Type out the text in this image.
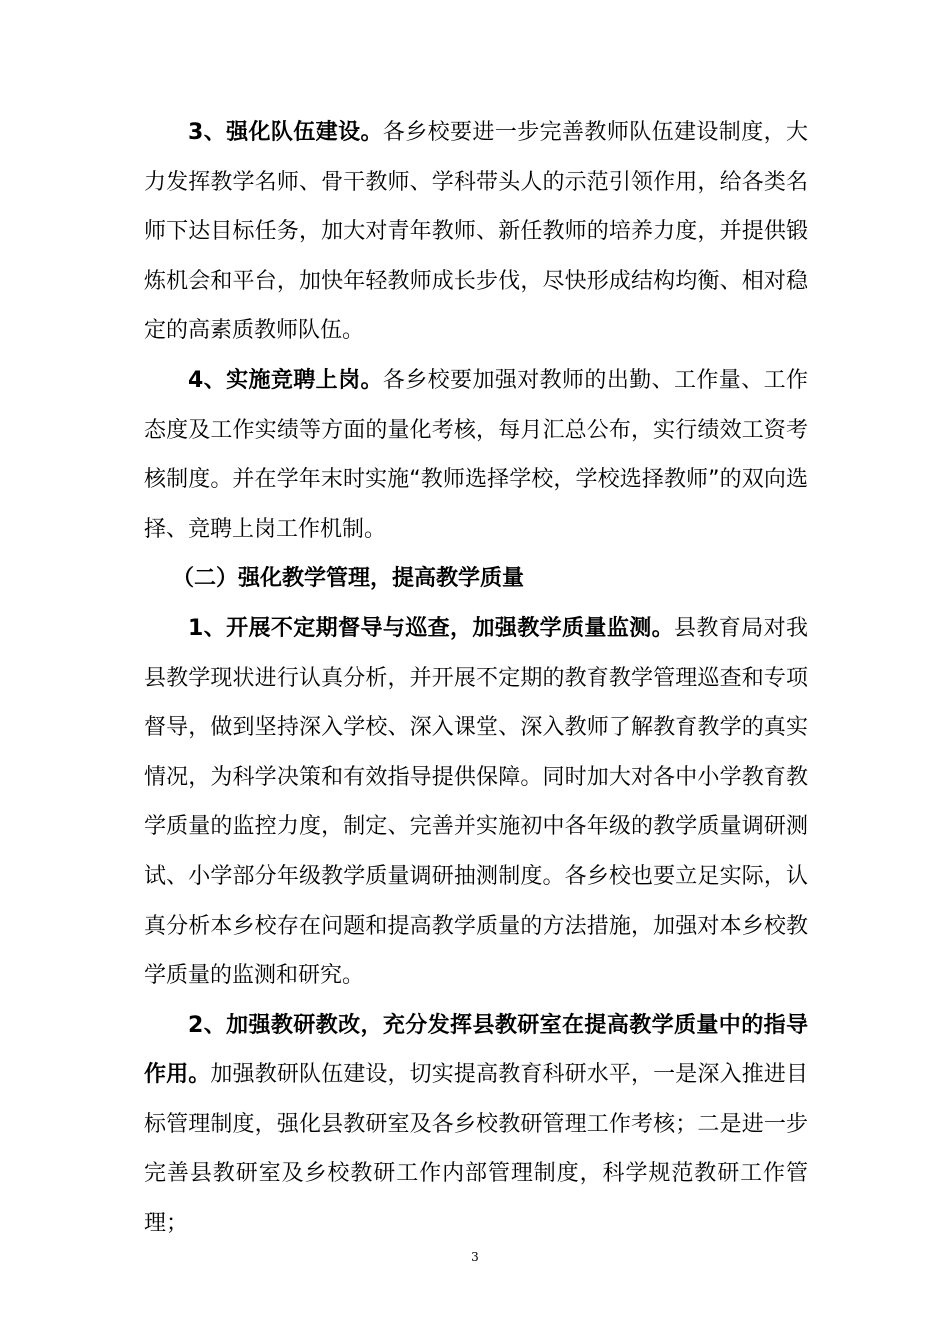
3、强化队伍建设。各乡校要进一步完善教师队伍建设制度，大力发挥教学名师、骨干教师、学科带头人的示范引领作用，给各类名师下达目标任务，加大对青年教师、新任教师的培养力度，并提供锻炼机会和平台，加快年轻教师成长步伐，尽快形成结构均衡、相对稳定的高素质教师队伍。

4、实施竞聘上岗。各乡校要加强对教师的出勤、工作量、工作态度及工作实绩等方面的量化考核，每月汇总公布，实行绩效工资考核制度。并在学年末时实施“教师选择学校，学校选择教师”的双向选择、竞聘上岗工作机制。

（二）强化教学管理，提高教学质量

1、开展不定期督导与巡查，加强教学质量监测。县教育局对我县教学现状进行认真分析，并开展不定期的教育教学管理巡查和专项督导，做到坚持深入学校、深入课堂、深入教师了解教育教学的真实情况，为科学决策和有效指导提供保障。同时加大对各中小学教育教学质量的监控力度，制定、完善并实施初中各年级的教学质量调研测试、小学部分年级教学质量调研抽测制度。各乡校也要立足实际，认真分析本乡校存在问题和提高教学质量的方法措施，加强对本乡校教学质量的监测和研究。

2、加强教研教改，充分发挥县教研室在提高教学质量中的指导作用。加强教研队伍建设，切实提高教育科研水平，一是深入推进目标管理制度，强化县教研室及各乡校教研管理工作考核；二是进一步完善县教研室及乡校教研工作内部管理制度，科学规范教研工作管理；

3
